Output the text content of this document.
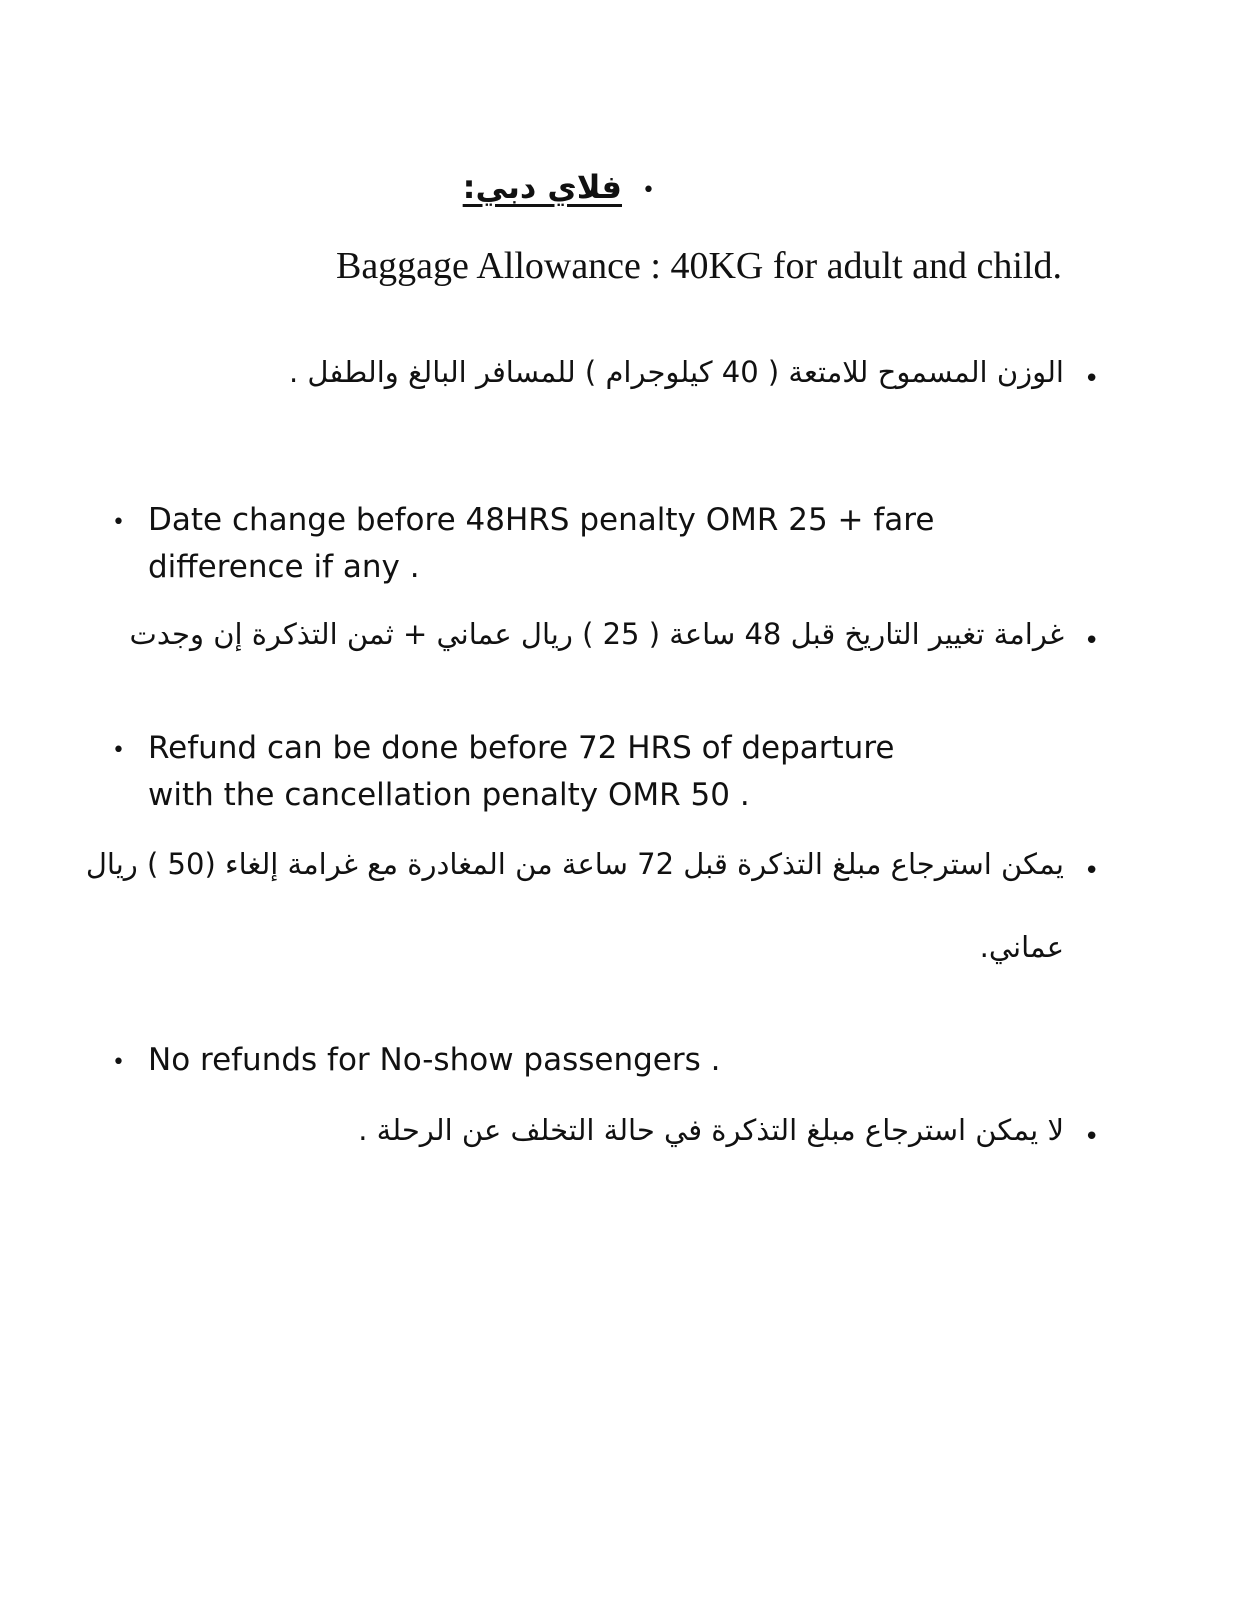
•
فلاي دبي:
Baggage Allowance : 40KG for adult and child.
•
الوزن المسموح للامتعة ( 40 كيلوجرام ) للمسافر البالغ والطفل .
• Date change before 48HRS penalty OMR 25 + fare
difference if any .
•
غرامة تغيير التاريخ قبل 48 ساعة ( 25 ) ريال عماني + ثمن التذكرة إن وجدت
• Refund can be done before 72 HRS of departure
with the cancellation penalty OMR 50 .
•
يمكن استرجاع مبلغ التذكرة قبل 72 ساعة من المغادرة مع غرامة إلغاء (50 ) ريال
عماني.
• No refunds for No-show passengers .
•
لا يمكن استرجاع مبلغ التذكرة في حالة التخلف عن الرحلة .
